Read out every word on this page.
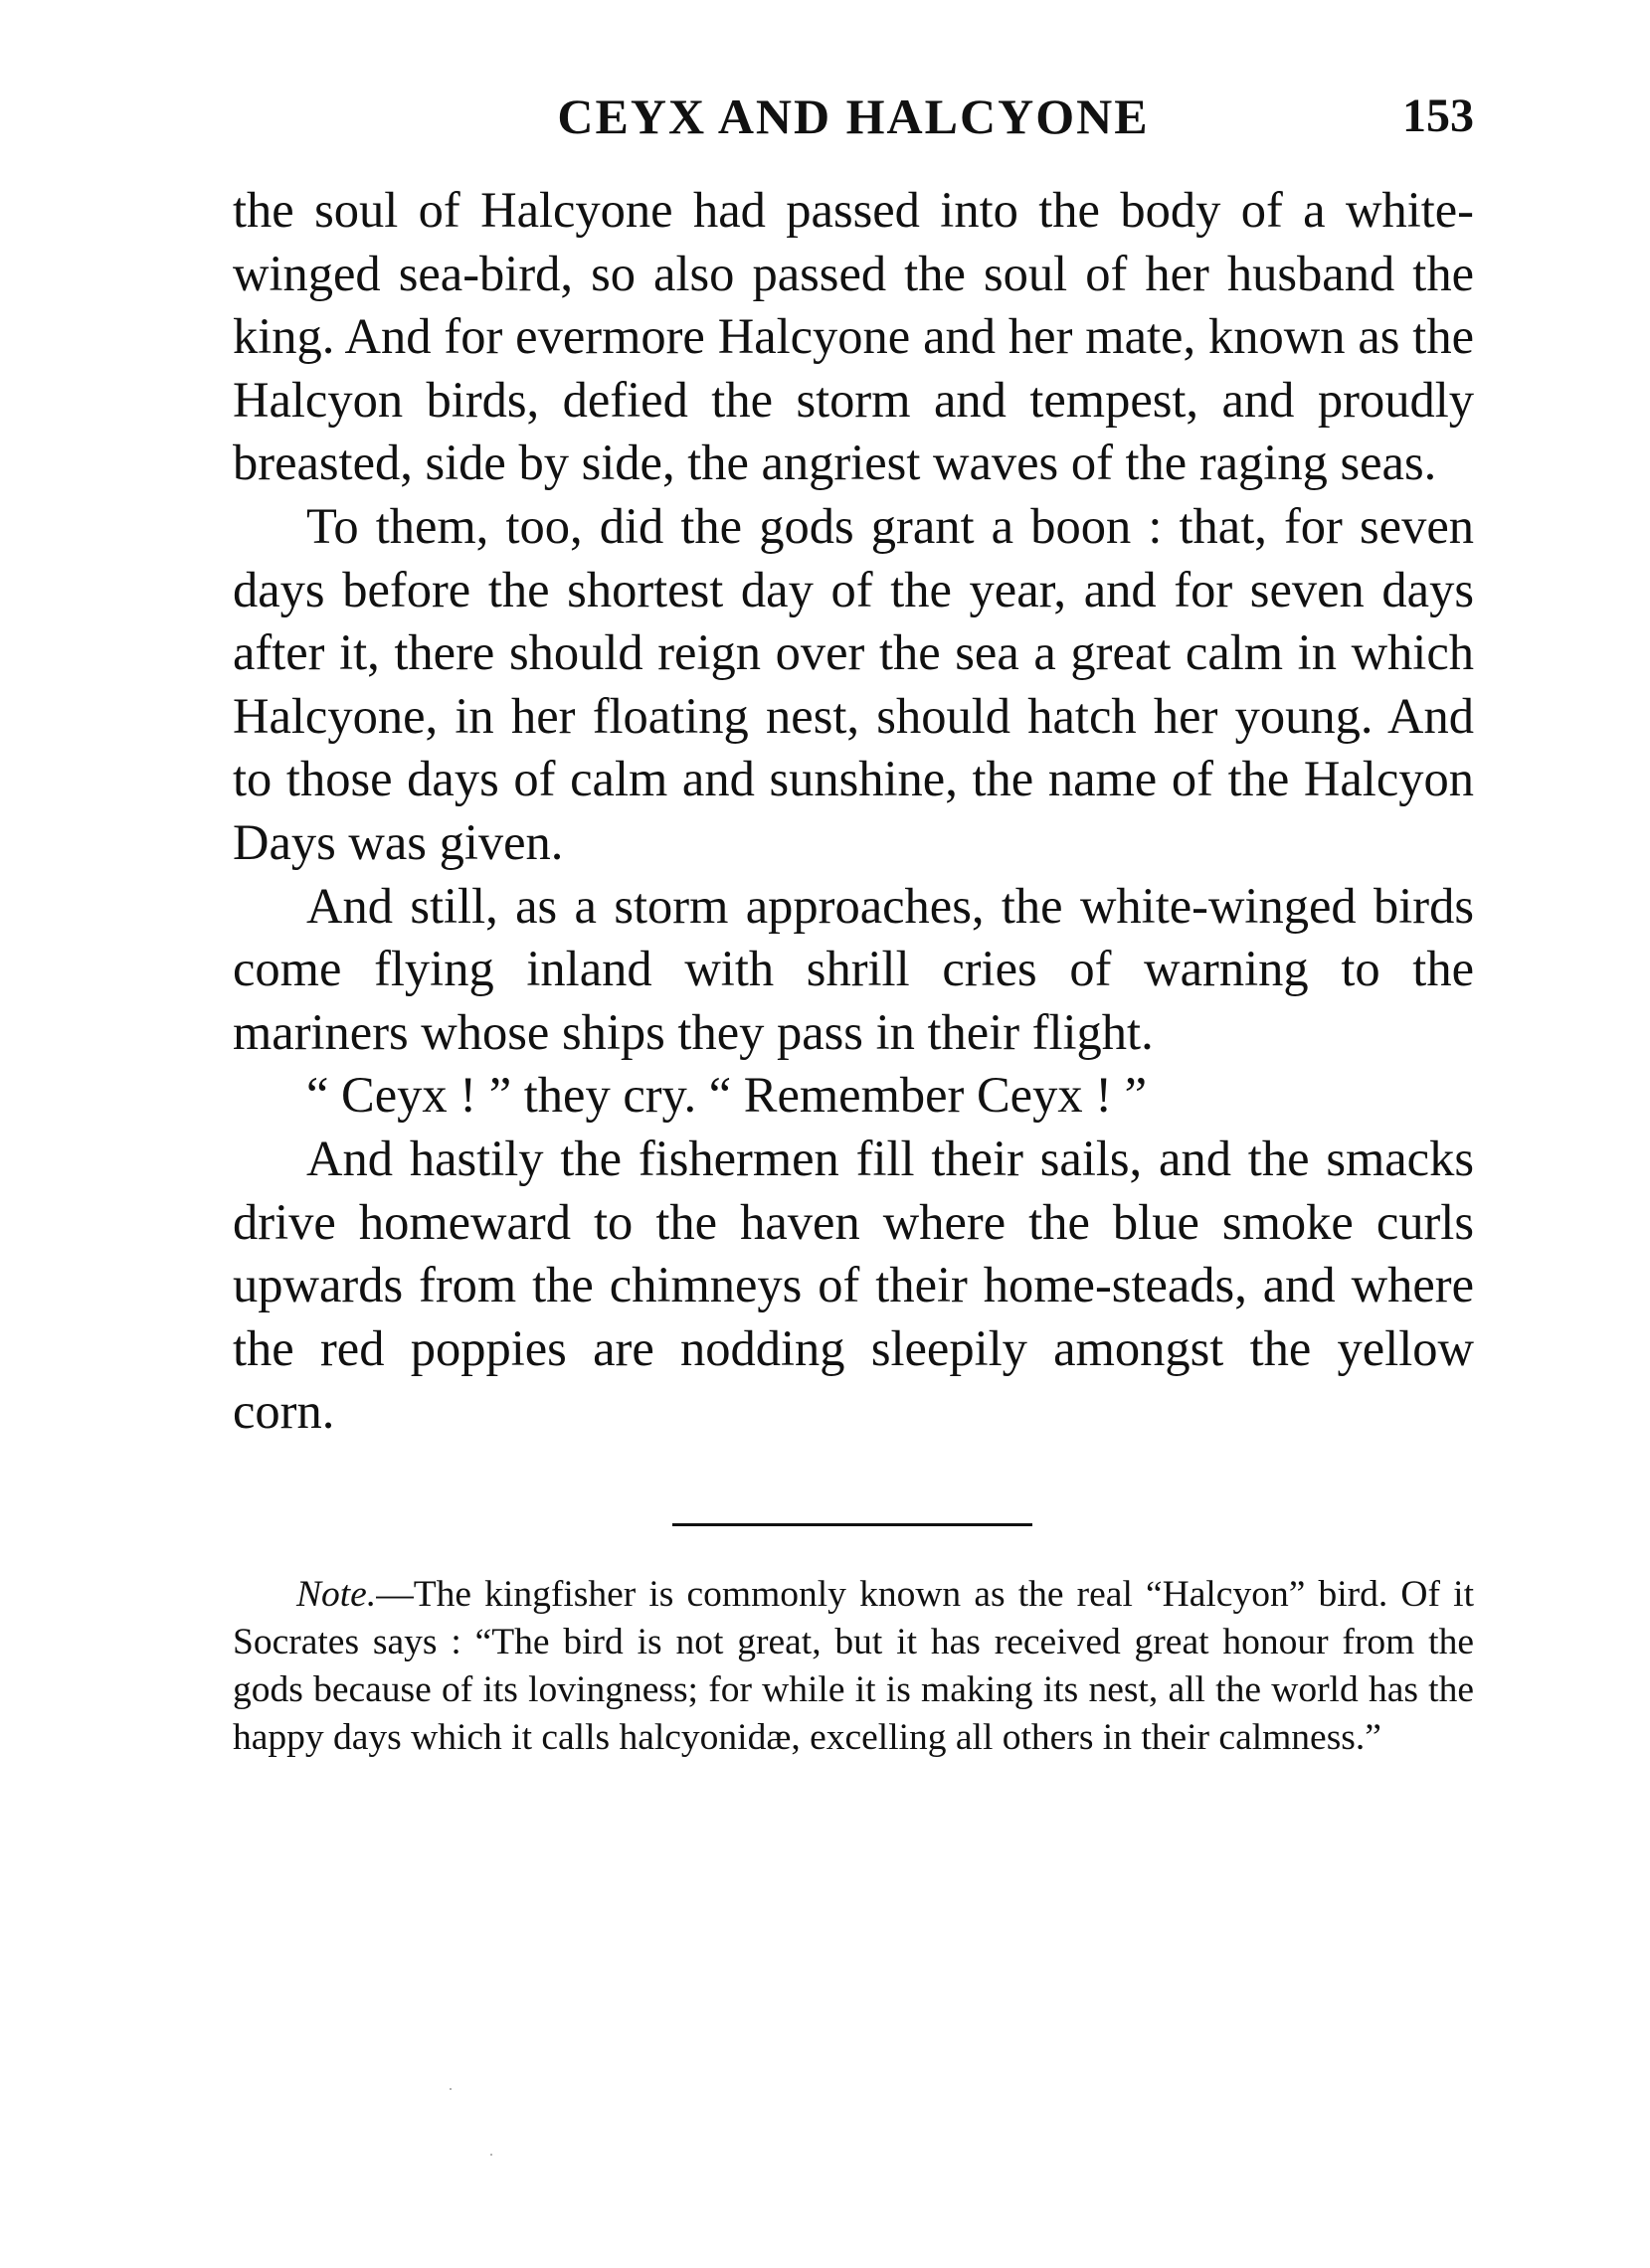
CEYX AND HALCYONE	153

the soul of Halcyone had passed into the body of a white-winged sea-bird, so also passed the soul of her husband the king. And for evermore Halcyone and her mate, known as the Halcyon birds, defied the storm and tempest, and proudly breasted, side by side, the angriest waves of the raging seas.

To them, too, did the gods grant a boon : that, for seven days before the shortest day of the year, and for seven days after it, there should reign over the sea a great calm in which Halcyone, in her floating nest, should hatch her young. And to those days of calm and sunshine, the name of the Halcyon Days was given.

And still, as a storm approaches, the white-winged birds come flying inland with shrill cries of warning to the mariners whose ships they pass in their flight.

“ Ceyx ! ” they cry. “ Remember Ceyx ! ”

And hastily the fishermen fill their sails, and the smacks drive homeward to the haven where the blue smoke curls upwards from the chimneys of their home-steads, and where the red poppies are nodding sleepily amongst the yellow corn.

Note.—The kingfisher is commonly known as the real “Halcyon” bird. Of it Socrates says : “The bird is not great, but it has received great honour from the gods because of its lovingness; for while it is making its nest, all the world has the happy days which it calls halcyonidæ, excelling all others in their calmness.”
